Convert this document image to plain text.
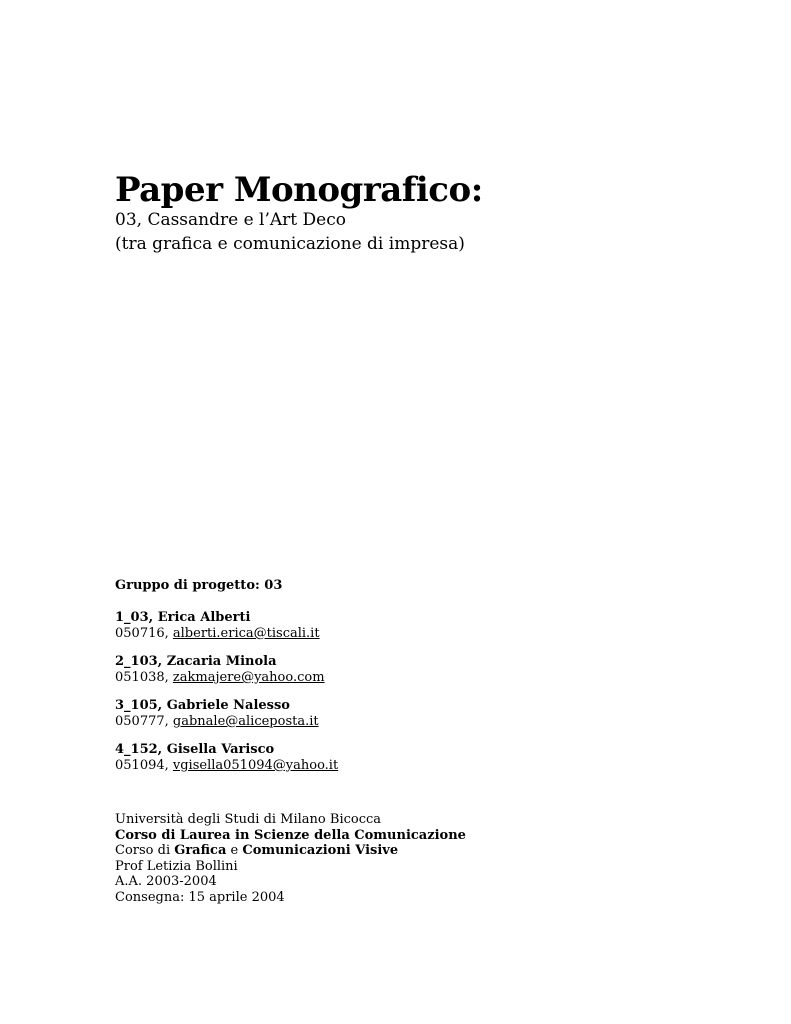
Paper Monografico:
03, Cassandre e l’Art Deco
(tra grafica e comunicazione di impresa)
Gruppo di progetto: 03
1_03, Erica Alberti
050716, alberti.erica@tiscali.it
2_103, Zacaria Minola
051038, zakmajere@yahoo.com
3_105, Gabriele Nalesso
050777, gabnale@aliceposta.it
4_152, Gisella Varisco
051094, vgisella051094@yahoo.it
Università degli Studi di Milano Bicocca
Corso di Laurea in Scienze della Comunicazione
Corso di Grafica e Comunicazioni Visive
Prof Letizia Bollini
A.A. 2003-2004
Consegna: 15 aprile 2004
